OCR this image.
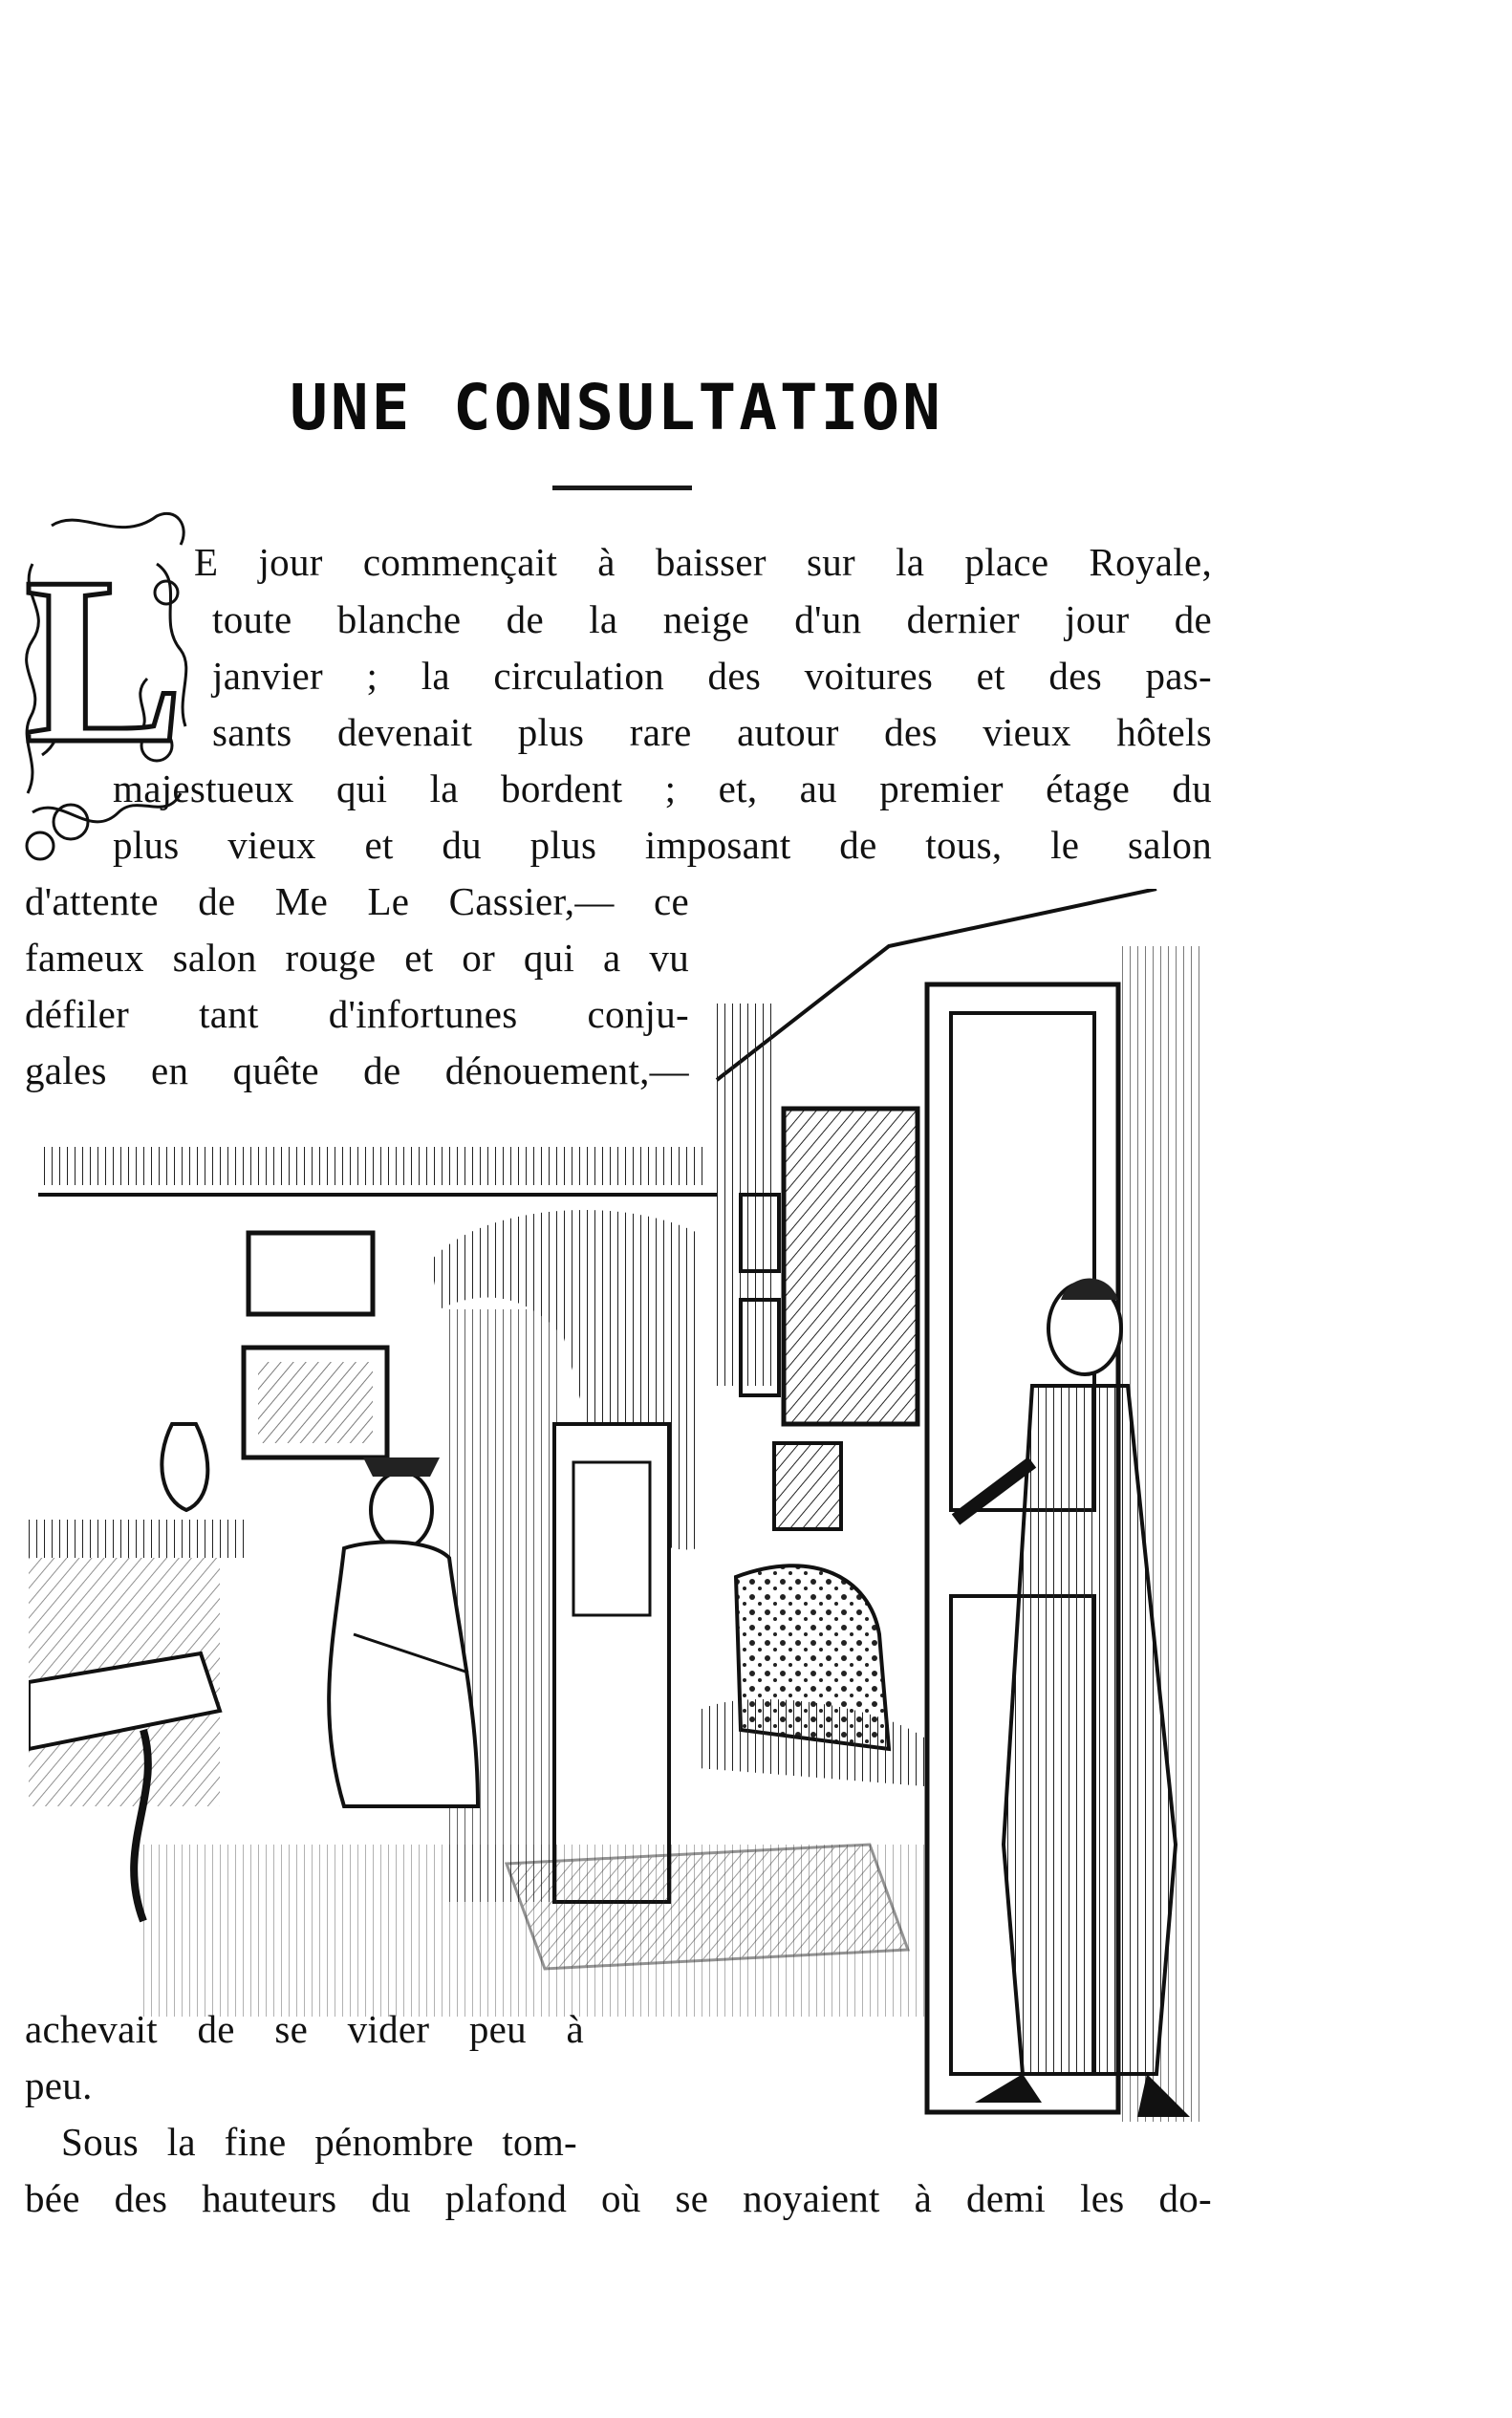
UNE CONSULTATION
L E jour commençait à baisser sur la place Royale,
toute blanche de la neige d'un dernier jour de
janvier ; la circulation des voitures et des pas-
sants devenait plus rare autour des vieux hôtels
majestueux qui la bordent ; et, au premier étage du
plus vieux et du plus imposant de tous, le salon
d'attente de Me Le Cassier,— ce
fameux salon rouge et or qui a vu
défiler tant d'infortunes conju-
gales en quête de dénouement,—
achevait de se vider peu à
peu.
Sous la fine pénombre tom-
bée des hauteurs du plafond où se noyaient à demi les do-
